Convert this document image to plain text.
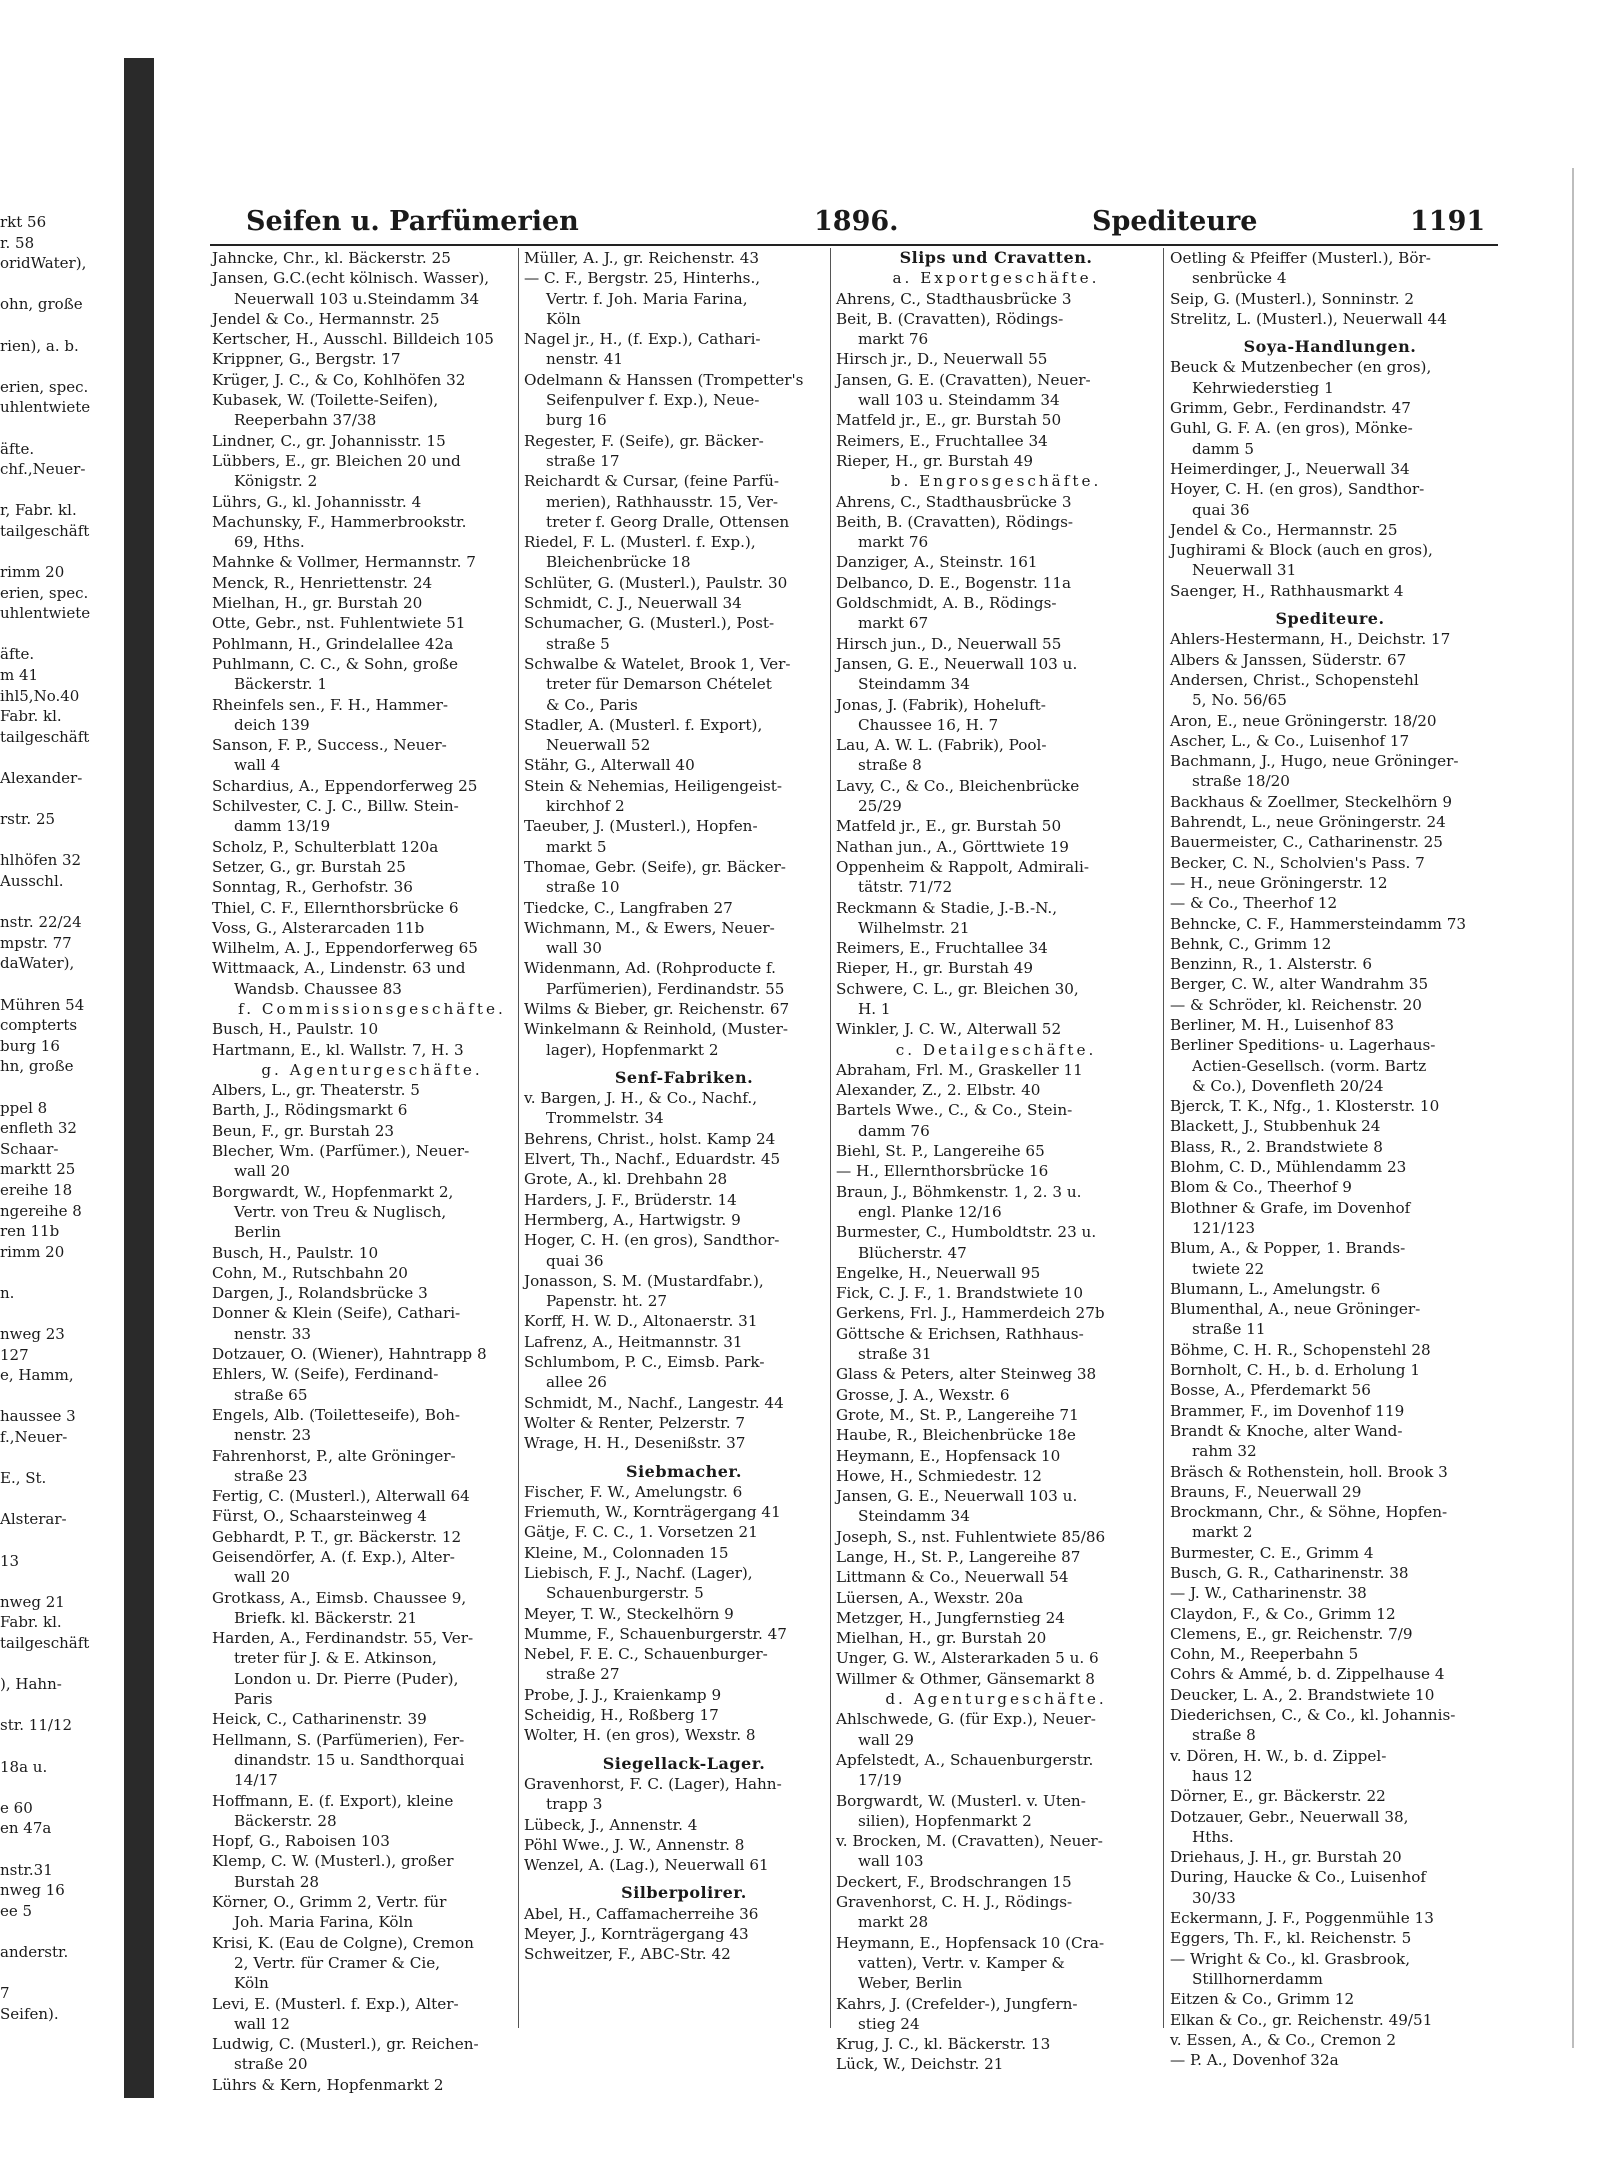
rkt 56
r. 58
oridWater),
ohn, große
rien), a. b.
erien, spec.
uhlentwiete
äfte.
chf.,Neuer-
r, Fabr. kl.
tailgeschäft
rimm 20
erien, spec.
uhlentwiete
äfte.
m 41
ihl5,No.40
Fabr. kl.
tailgeschäft
Alexander-
rstr. 25
hlhöfen 32
Ausschl.
nstr. 22/24
mpstr. 77
daWater),
Mühren 54
compterts
burg 16
hn, große
ppel 8
enfleth 32
Schaar-
marktt 25
ereihe 18
ngereihe 8
ren 11b
rimm 20
n.
nweg 23
127
e, Hamm,
haussee 3
f.,Neuer-
E., St.
Alsterar-
13
nweg 21
Fabr. kl.
tailgeschäft
), Hahn-
str. 11/12
18a u.
e 60
en 47a
nstr.31
nweg 16
ee 5
anderstr.
7
Seifen).
Seifen u. Parfümerien	1896.	Spediteure	1191
Jahncke, Chr., kl. Bäckerstr. 25
Jansen, G.C.(echt kölnisch. Wasser),
Neuerwall 103 u.Steindamm 34
Jendel & Co., Hermannstr. 25
Kertscher, H., Ausschl. Billdeich 105
Krippner, G., Bergstr. 17
Krüger, J. C., & Co, Kohlhöfen 32
Kubasek, W. (Toilette-Seifen),
Reeperbahn 37/38
Lindner, C., gr. Johannisstr. 15
Lübbers, E., gr. Bleichen 20 und
Königstr. 2
Lührs, G., kl. Johannisstr. 4
Machunsky, F., Hammerbrookstr.
69, Hths.
Mahnke & Vollmer, Hermannstr. 7
Menck, R., Henriettenstr. 24
Mielhan, H., gr. Burstah 20
Otte, Gebr., nst. Fuhlentwiete 51
Pohlmann, H., Grindelallee 42a
Puhlmann, C. C., & Sohn, große
Bäckerstr. 1
Rheinfels sen., F. H., Hammer-
deich 139
Sanson, F. P., Success., Neuer-
wall 4
Schardius, A., Eppendorferweg 25
Schilvester, C. J. C., Billw. Stein-
damm 13/19
Scholz, P., Schulterblatt 120a
Setzer, G., gr. Burstah 25
Sonntag, R., Gerhofstr. 36
Thiel, C. F., Ellernthorsbrücke 6
Voss, G., Alsterarcaden 11b
Wilhelm, A. J., Eppendorferweg 65
Wittmaack, A., Lindenstr. 63 und
Wandsb. Chaussee 83
f. Commissionsgeschäfte.
Busch, H., Paulstr. 10
Hartmann, E., kl. Wallstr. 7, H. 3
g. Agenturgeschäfte.
Albers, L., gr. Theaterstr. 5
Barth, J., Rödingsmarkt 6
Beun, F., gr. Burstah 23
Blecher, Wm. (Parfümer.), Neuer-
wall 20
Borgwardt, W., Hopfenmarkt 2,
Vertr. von Treu & Nuglisch,
Berlin
Busch, H., Paulstr. 10
Cohn, M., Rutschbahn 20
Dargen, J., Rolandsbrücke 3
Donner & Klein (Seife), Cathari-
nenstr. 33
Dotzauer, O. (Wiener), Hahntrapp 8
Ehlers, W. (Seife), Ferdinand-
straße 65
Engels, Alb. (Toiletteseife), Boh-
nenstr. 23
Fahrenhorst, P., alte Gröninger-
straße 23
Fertig, C. (Musterl.), Alterwall 64
Fürst, O., Schaarsteinweg 4
Gebhardt, P. T., gr. Bäckerstr. 12
Geisendörfer, A. (f. Exp.), Alter-
wall 20
Grotkass, A., Eimsb. Chaussee 9,
Briefk. kl. Bäckerstr. 21
Harden, A., Ferdinandstr. 55, Ver-
treter für J. & E. Atkinson,
London u. Dr. Pierre (Puder),
Paris
Heick, C., Catharinenstr. 39
Hellmann, S. (Parfümerien), Fer-
dinandstr. 15 u. Sandthorquai
14/17
Hoffmann, E. (f. Export), kleine
Bäckerstr. 28
Hopf, G., Raboisen 103
Klemp, C. W. (Musterl.), großer
Burstah 28
Körner, O., Grimm 2, Vertr. für
Joh. Maria Farina, Köln
Krisi, K. (Eau de Colgne), Cremon
2, Vertr. für Cramer & Cie,
Köln
Levi, E. (Musterl. f. Exp.), Alter-
wall 12
Ludwig, C. (Musterl.), gr. Reichen-
straße 20
Lührs & Kern, Hopfenmarkt 2
Müller, A. J., gr. Reichenstr. 43
— C. F., Bergstr. 25, Hinterhs.,
Vertr. f. Joh. Maria Farina,
Köln
Nagel jr., H., (f. Exp.), Cathari-
nenstr. 41
Odelmann & Hanssen (Trompetter's
Seifenpulver f. Exp.), Neue-
burg 16
Regester, F. (Seife), gr. Bäcker-
straße 17
Reichardt & Cursar, (feine Parfü-
merien), Rathhausstr. 15, Ver-
treter f. Georg Dralle, Ottensen
Riedel, F. L. (Musterl. f. Exp.),
Bleichenbrücke 18
Schlüter, G. (Musterl.), Paulstr. 30
Schmidt, C. J., Neuerwall 34
Schumacher, G. (Musterl.), Post-
straße 5
Schwalbe & Watelet, Brook 1, Ver-
treter für Demarson Chételet
& Co., Paris
Stadler, A. (Musterl. f. Export),
Neuerwall 52
Stähr, G., Alterwall 40
Stein & Nehemias, Heiligengeist-
kirchhof 2
Taeuber, J. (Musterl.), Hopfen-
markt 5
Thomae, Gebr. (Seife), gr. Bäcker-
straße 10
Tiedcke, C., Langfraben 27
Wichmann, M., & Ewers, Neuer-
wall 30
Widenmann, Ad. (Rohproducte f.
Parfümerien), Ferdinandstr. 55
Wilms & Bieber, gr. Reichenstr. 67
Winkelmann & Reinhold, (Muster-
lager), Hopfenmarkt 2
Senf-Fabriken.
v. Bargen, J. H., & Co., Nachf.,
Trommelstr. 34
Behrens, Christ., holst. Kamp 24
Elvert, Th., Nachf., Eduardstr. 45
Grote, A., kl. Drehbahn 28
Harders, J. F., Brüderstr. 14
Hermberg, A., Hartwigstr. 9
Hoger, C. H. (en gros), Sandthor-
quai 36
Jonasson, S. M. (Mustardfabr.),
Papenstr. ht. 27
Korff, H. W. D., Altonaerstr. 31
Lafrenz, A., Heitmannstr. 31
Schlumbom, P. C., Eimsb. Park-
allee 26
Schmidt, M., Nachf., Langestr. 44
Wolter & Renter, Pelzerstr. 7
Wrage, H. H., Desenißstr. 37
Siebmacher.
Fischer, F. W., Amelungstr. 6
Friemuth, W., Kornträgergang 41
Gätje, F. C. C., 1. Vorsetzen 21
Kleine, M., Colonnaden 15
Liebisch, F. J., Nachf. (Lager),
Schauenburgerstr. 5
Meyer, T. W., Steckelhörn 9
Mumme, F., Schauenburgerstr. 47
Nebel, F. E. C., Schauenburger-
straße 27
Probe, J. J., Kraienkamp 9
Scheidig, H., Roßberg 17
Wolter, H. (en gros), Wexstr. 8
Siegellack-Lager.
Gravenhorst, F. C. (Lager), Hahn-
trapp 3
Lübeck, J., Annenstr. 4
Pöhl Wwe., J. W., Annenstr. 8
Wenzel, A. (Lag.), Neuerwall 61
Silberpolirer.
Abel, H., Caffamacherreihe 36
Meyer, J., Kornträgergang 43
Schweitzer, F., ABC-Str. 42
Slips und Cravatten.
a. Exportgeschäfte.
Ahrens, C., Stadthausbrücke 3
Beit, B. (Cravatten), Rödings-
markt 76
Hirsch jr., D., Neuerwall 55
Jansen, G. E. (Cravatten), Neuer-
wall 103 u. Steindamm 34
Matfeld jr., E., gr. Burstah 50
Reimers, E., Fruchtallee 34
Rieper, H., gr. Burstah 49
b. Engrosgeschäfte.
Ahrens, C., Stadthausbrücke 3
Beith, B. (Cravatten), Rödings-
markt 76
Danziger, A., Steinstr. 161
Delbanco, D. E., Bogenstr. 11a
Goldschmidt, A. B., Rödings-
markt 67
Hirsch jun., D., Neuerwall 55
Jansen, G. E., Neuerwall 103 u.
Steindamm 34
Jonas, J. (Fabrik), Hoheluft-
Chaussee 16, H. 7
Lau, A. W. L. (Fabrik), Pool-
straße 8
Lavy, C., & Co., Bleichenbrücke
25/29
Matfeld jr., E., gr. Burstah 50
Nathan jun., A., Görttwiete 19
Oppenheim & Rappolt, Admirali-
tätstr. 71/72
Reckmann & Stadie, J.-B.-N.,
Wilhelmstr. 21
Reimers, E., Fruchtallee 34
Rieper, H., gr. Burstah 49
Schwere, C. L., gr. Bleichen 30,
H. 1
Winkler, J. C. W., Alterwall 52
c. Detailgeschäfte.
Abraham, Frl. M., Graskeller 11
Alexander, Z., 2. Elbstr. 40
Bartels Wwe., C., & Co., Stein-
damm 76
Biehl, St. P., Langereihe 65
— H., Ellernthorsbrücke 16
Braun, J., Böhmkenstr. 1, 2. 3 u.
engl. Planke 12/16
Burmester, C., Humboldtstr. 23 u.
Blücherstr. 47
Engelke, H., Neuerwall 95
Fick, C. J. F., 1. Brandstwiete 10
Gerkens, Frl. J., Hammerdeich 27b
Göttsche & Erichsen, Rathhaus-
straße 31
Glass & Peters, alter Steinweg 38
Grosse, J. A., Wexstr. 6
Grote, M., St. P., Langereihe 71
Haube, R., Bleichenbrücke 18e
Heymann, E., Hopfensack 10
Howe, H., Schmiedestr. 12
Jansen, G. E., Neuerwall 103 u.
Steindamm 34
Joseph, S., nst. Fuhlentwiete 85/86
Lange, H., St. P., Langereihe 87
Littmann & Co., Neuerwall 54
Lüersen, A., Wexstr. 20a
Metzger, H., Jungfernstieg 24
Mielhan, H., gr. Burstah 20
Unger, G. W., Alsterarkaden 5 u. 6
Willmer & Othmer, Gänsemarkt 8
d. Agenturgeschäfte.
Ahlschwede, G. (für Exp.), Neuer-
wall 29
Apfelstedt, A., Schauenburgerstr.
17/19
Borgwardt, W. (Musterl. v. Uten-
silien), Hopfenmarkt 2
v. Brocken, M. (Cravatten), Neuer-
wall 103
Deckert, F., Brodschrangen 15
Gravenhorst, C. H. J., Rödings-
markt 28
Heymann, E., Hopfensack 10 (Cra-
vatten), Vertr. v. Kamper &
Weber, Berlin
Kahrs, J. (Crefelder-), Jungfern-
stieg 24
Krug, J. C., kl. Bäckerstr. 13
Lück, W., Deichstr. 21
Oetling & Pfeiffer (Musterl.), Bör-
senbrücke 4
Seip, G. (Musterl.), Sonninstr. 2
Strelitz, L. (Musterl.), Neuerwall 44
Soya-Handlungen.
Beuck & Mutzenbecher (en gros),
Kehrwiederstieg 1
Grimm, Gebr., Ferdinandstr. 47
Guhl, G. F. A. (en gros), Mönke-
damm 5
Heimerdinger, J., Neuerwall 34
Hoyer, C. H. (en gros), Sandthor-
quai 36
Jendel & Co., Hermannstr. 25
Jughirami & Block (auch en gros),
Neuerwall 31
Saenger, H., Rathhausmarkt 4
Spediteure.
Ahlers-Hestermann, H., Deichstr. 17
Albers & Janssen, Süderstr. 67
Andersen, Christ., Schopenstehl
5, No. 56/65
Aron, E., neue Gröningerstr. 18/20
Ascher, L., & Co., Luisenhof 17
Bachmann, J., Hugo, neue Gröninger-
straße 18/20
Backhaus & Zoellmer, Steckelhörn 9
Bahrendt, L., neue Gröningerstr. 24
Bauermeister, C., Catharinenstr. 25
Becker, C. N., Scholvien's Pass. 7
— H., neue Gröningerstr. 12
— & Co., Theerhof 12
Behncke, C. F., Hammersteindamm 73
Behnk, C., Grimm 12
Benzinn, R., 1. Alsterstr. 6
Berger, C. W., alter Wandrahm 35
— & Schröder, kl. Reichenstr. 20
Berliner, M. H., Luisenhof 83
Berliner Speditions- u. Lagerhaus-
Actien-Gesellsch. (vorm. Bartz
& Co.), Dovenfleth 20/24
Bjerck, T. K., Nfg., 1. Klosterstr. 10
Blackett, J., Stubbenhuk 24
Blass, R., 2. Brandstwiete 8
Blohm, C. D., Mühlendamm 23
Blom & Co., Theerhof 9
Blothner & Grafe, im Dovenhof
121/123
Blum, A., & Popper, 1. Brands-
twiete 22
Blumann, L., Amelungstr. 6
Blumenthal, A., neue Gröninger-
straße 11
Böhme, C. H. R., Schopenstehl 28
Bornholt, C. H., b. d. Erholung 1
Bosse, A., Pferdemarkt 56
Brammer, F., im Dovenhof 119
Brandt & Knoche, alter Wand-
rahm 32
Bräsch & Rothenstein, holl. Brook 3
Brauns, F., Neuerwall 29
Brockmann, Chr., & Söhne, Hopfen-
markt 2
Burmester, C. E., Grimm 4
Busch, G. R., Catharinenstr. 38
— J. W., Catharinenstr. 38
Claydon, F., & Co., Grimm 12
Clemens, E., gr. Reichenstr. 7/9
Cohn, M., Reeperbahn 5
Cohrs & Ammé, b. d. Zippelhause 4
Deucker, L. A., 2. Brandstwiete 10
Diederichsen, C., & Co., kl. Johannis-
straße 8
v. Dören, H. W., b. d. Zippel-
haus 12
Dörner, E., gr. Bäckerstr. 22
Dotzauer, Gebr., Neuerwall 38,
Hths.
Driehaus, J. H., gr. Burstah 20
During, Haucke & Co., Luisenhof
30/33
Eckermann, J. F., Poggenmühle 13
Eggers, Th. F., kl. Reichenstr. 5
— Wright & Co., kl. Grasbrook,
Stillhornerdamm
Eitzen & Co., Grimm 12
Elkan & Co., gr. Reichenstr. 49/51
v. Essen, A., & Co., Cremon 2
— P. A., Dovenhof 32a
